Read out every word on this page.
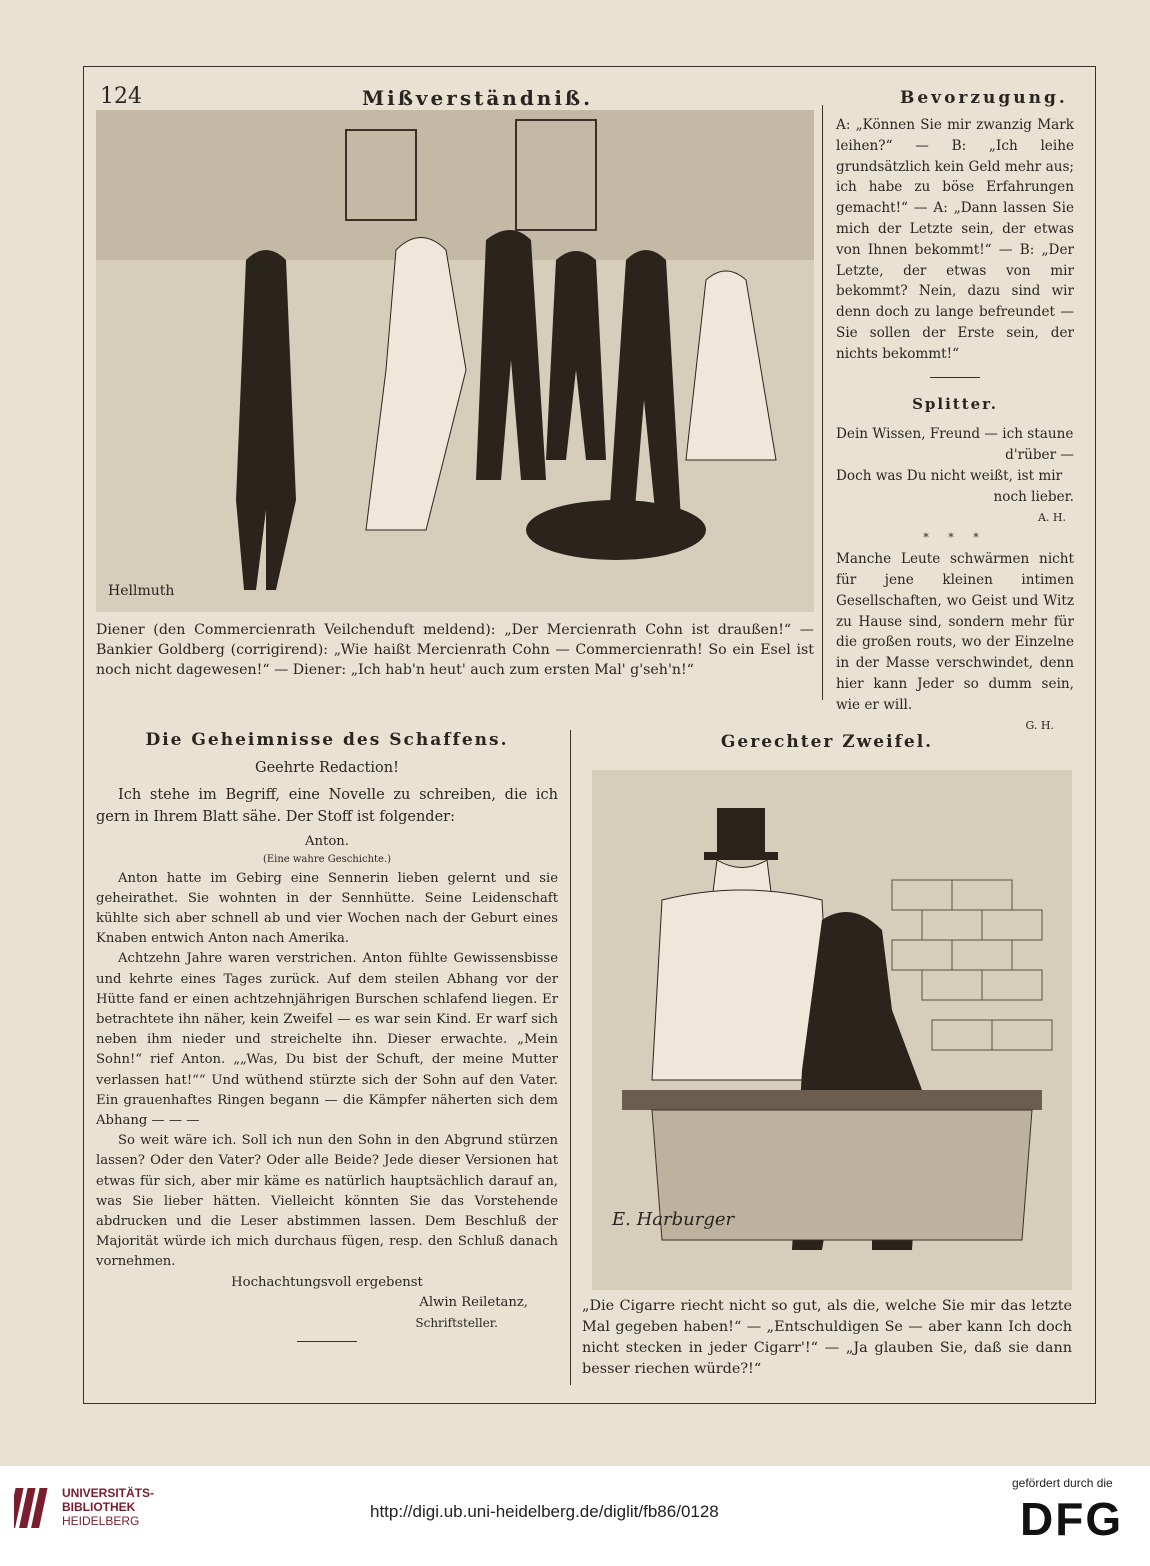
124	Mißverständniß.	Bevorzugung.
Hellmuth
Diener (den Commercienrath Veilchenduft meldend): „Der Mercienrath Cohn ist draußen!“ — Bankier Goldberg (corrigirend): „Wie haißt Mercienrath Cohn — Commercienrath! So ein Esel ist noch nicht dagewesen!“ — Diener: „Ich hab'n heut' auch zum ersten Mal' g'seh'n!“

A: „Können Sie mir zwanzig Mark leihen?“ — B: „Ich leihe grundsätzlich kein Geld mehr aus; ich habe zu böse Erfahrungen gemacht!“ — A: „Dann lassen Sie mich der Letzte sein, der etwas von Ihnen bekommt!“ — B: „Der Letzte, der etwas von mir bekommt? Nein, dazu sind wir denn doch zu lange befreundet — Sie sollen der Erste sein, der nichts bekommt!“

Splitter.
Dein Wissen, Freund — ich staune
d'rüber —
Doch was Du nicht weißt, ist mir
noch lieber.
A. H.
* * *

Manche Leute schwärmen nicht für jene kleinen intimen Gesellschaften, wo Geist und Witz zu Hause sind, sondern mehr für die großen routs, wo der Einzelne in der Masse verschwindet, denn hier kann Jeder so dumm sein, wie er will.

G. H.
Die Geheimnisse des Schaffens.
Geehrte Redaction!

Ich stehe im Begriff, eine Novelle zu schreiben, die ich gern in Ihrem Blatt sähe. Der Stoff ist folgender:

Anton.
(Eine wahre Geschichte.)

Anton hatte im Gebirg eine Sennerin lieben gelernt und sie geheirathet. Sie wohnten in der Sennhütte. Seine Leidenschaft kühlte sich aber schnell ab und vier Wochen nach der Geburt eines Knaben entwich Anton nach Amerika.

Achtzehn Jahre waren verstrichen. Anton fühlte Gewissensbisse und kehrte eines Tages zurück. Auf dem steilen Abhang vor der Hütte fand er einen achtzehnjährigen Burschen schlafend liegen. Er betrachtete ihn näher, kein Zweifel — es war sein Kind. Er warf sich neben ihm nieder und streichelte ihn. Dieser erwachte. „Mein Sohn!“ rief Anton. „„Was, Du bist der Schuft, der meine Mutter verlassen hat!““ Und wüthend stürzte sich der Sohn auf den Vater. Ein grauenhaftes Ringen begann — die Kämpfer näherten sich dem Abhang — — —

So weit wäre ich. Soll ich nun den Sohn in den Abgrund stürzen lassen? Oder den Vater? Oder alle Beide? Jede dieser Versionen hat etwas für sich, aber mir käme es natürlich hauptsächlich darauf an, was Sie lieber hätten. Vielleicht könnten Sie das Vorstehende abdrucken und die Leser abstimmen lassen. Dem Beschluß der Majorität würde ich mich durchaus fügen, resp. den Schluß danach vornehmen.

Hochachtungsvoll ergebenst
Alwin Reiletanz,
Schriftsteller.
Gerechter Zweifel.
E. Harburger
„Die Cigarre riecht nicht so gut, als die, welche Sie mir das letzte Mal gegeben haben!“ — „Entschuldigen Se — aber kann Ich doch nicht stecken in jeder Cigarr'!“ — „Ja glauben Sie, daß sie dann besser riechen würde?!“
UNIVERSITÄTS-
BIBLIOTHEK
HEIDELBERG	http://digi.ub.uni-heidelberg.de/diglit/fb86/0128
gefördert durch die
DFG
